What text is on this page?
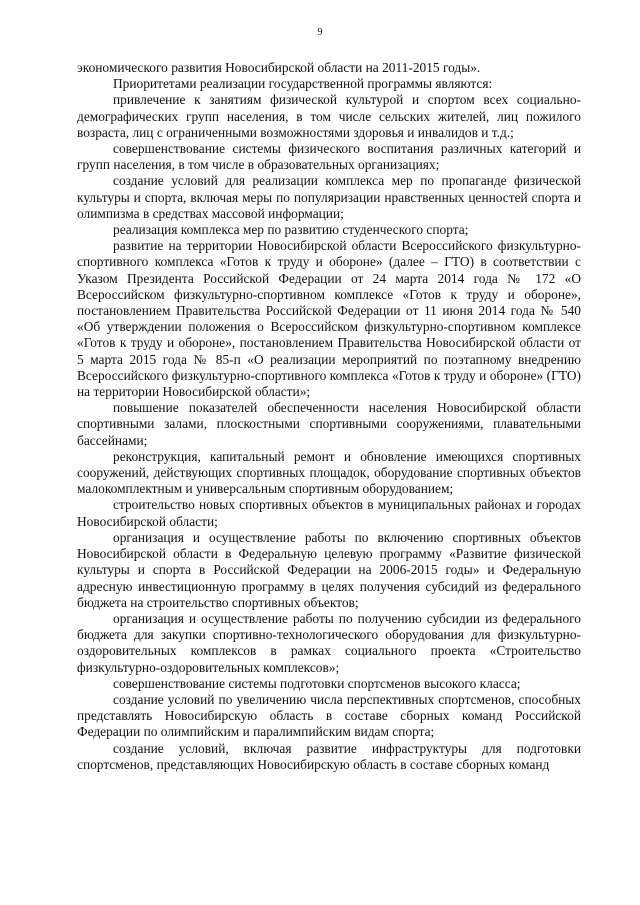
9

экономического развития Новосибирской области на 2011-2015 годы».

Приоритетами реализации государственной программы являются:

привлечение к занятиям физической культурой и спортом всех социально-демографических групп населения, в том числе сельских жителей, лиц пожилого возраста, лиц с ограниченными возможностями здоровья и инвалидов и т.д.;

совершенствование системы физического воспитания различных категорий и групп населения, в том числе в образовательных организациях;

создание условий для реализации комплекса мер по пропаганде физической культуры и спорта, включая меры по популяризации нравственных ценностей спорта и олимпизма в средствах массовой информации;

реализация комплекса мер по развитию студенческого спорта;

развитие на территории Новосибирской области Всероссийского физкультурно-спортивного комплекса «Готов к труду и обороне» (далее – ГТО) в соответствии с Указом Президента Российской Федерации от 24 марта 2014 года № 172 «О Всероссийском физкультурно-спортивном комплексе «Готов к труду и обороне», постановлением Правительства Российской Федерации от 11 июня 2014 года № 540 «Об утверждении положения о Всероссийском физкультурно-спортивном комплексе «Готов к труду и обороне», постановлением Правительства Новосибирской области от 5 марта 2015 года № 85-п «О реализации мероприятий по поэтапному внедрению Всероссийского физкультурно-спортивного комплекса «Готов к труду и обороне» (ГТО) на территории Новосибирской области»;

повышение показателей обеспеченности населения Новосибирской области спортивными залами, плоскостными спортивными сооружениями, плавательными бассейнами;

реконструкция, капитальный ремонт и обновление имеющихся спортивных сооружений, действующих спортивных площадок, оборудование спортивных объектов малокомплектным и универсальным спортивным оборудованием;

строительство новых спортивных объектов в муниципальных районах и городах Новосибирской области;

организация и осуществление работы по включению спортивных объектов Новосибирской области в Федеральную целевую программу «Развитие физической культуры и спорта в Российской Федерации на 2006-2015 годы» и Федеральную адресную инвестиционную программу в целях получения субсидий из федерального бюджета на строительство спортивных объектов;

организация и осуществление работы по получению субсидии из федерального бюджета для закупки спортивно-технологического оборудования для физкультурно-оздоровительных комплексов в рамках социального проекта «Строительство физкультурно-оздоровительных комплексов»;

совершенствование системы подготовки спортсменов высокого класса;

создание условий по увеличению числа перспективных спортсменов, способных представлять Новосибирскую область в составе сборных команд Российской Федерации по олимпийским и паралимпийским видам спорта;

создание условий, включая развитие инфраструктуры для подготовки спортсменов, представляющих Новосибирскую область в составе сборных команд
